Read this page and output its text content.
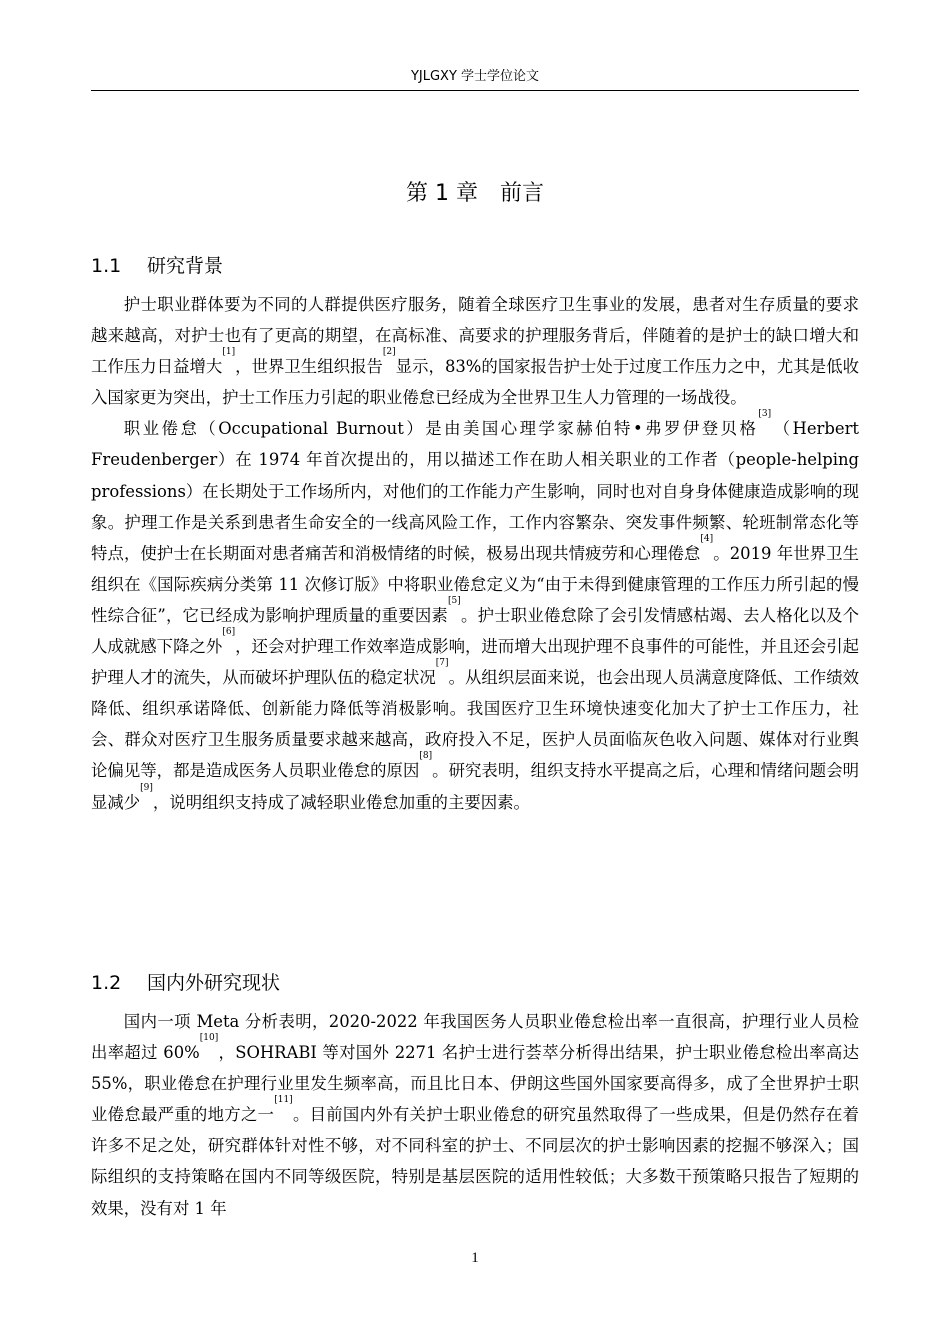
YJLGXY 学士学位论文
第 1 章　前言
1.1 研究背景

护士职业群体要为不同的人群提供医疗服务，随着全球医疗卫生事业的发展，患者对生存质量的要求越来越高，对护士也有了更高的期望，在高标准、高要求的护理服务背后，伴随着的是护士的缺口增大和工作压力日益增大[1]，世界卫生组织报告[2]显示，83%的国家报告护士处于过度工作压力之中，尤其是低收入国家更为突出，护士工作压力引起的职业倦怠已经成为全世界卫生人力管理的一场战役。

职业倦怠（Occupational Burnout）是由美国心理学家赫伯特•弗罗伊登贝格[3]（Herbert Freudenberger）在 1974 年首次提出的，用以描述工作在助人相关职业的工作者（people-helping professions）在长期处于工作场所内，对他们的工作能力产生影响，同时也对自身身体健康造成影响的现象。护理工作是关系到患者生命安全的一线高风险工作，工作内容繁杂、突发事件频繁、轮班制常态化等特点，使护士在长期面对患者痛苦和消极情绪的时候，极易出现共情疲劳和心理倦怠[4]。2019 年世界卫生组织在《国际疾病分类第 11 次修订版》中将职业倦怠定义为“由于未得到健康管理的工作压力所引起的慢性综合征”，它已经成为影响护理质量的重要因素[5]。护士职业倦怠除了会引发情感枯竭、去人格化以及个人成就感下降之外[6]，还会对护理工作效率造成影响，进而增大出现护理不良事件的可能性，并且还会引起护理人才的流失，从而破坏护理队伍的稳定状况[7]。从组织层面来说，也会出现人员满意度降低、工作绩效降低、组织承诺降低、创新能力降低等消极影响。我国医疗卫生环境快速变化加大了护士工作压力，社会、群众对医疗卫生服务质量要求越来越高，政府投入不足，医护人员面临灰色收入问题、媒体对行业舆论偏见等，都是造成医务人员职业倦怠的原因[8]。研究表明，组织支持水平提高之后，心理和情绪问题会明显减少[9]，说明组织支持成了减轻职业倦怠加重的主要因素。

1.2 国内外研究现状

国内一项 Meta 分析表明，2020-2022 年我国医务人员职业倦怠检出率一直很高，护理行业人员检出率超过 60%[10]，SOHRABI 等对国外 2271 名护士进行荟萃分析得出结果，护士职业倦怠检出率高达 55%，职业倦怠在护理行业里发生频率高，而且比日本、伊朗这些国外国家要高得多，成了全世界护士职业倦怠最严重的地方之一[11]。目前国内外有关护士职业倦怠的研究虽然取得了一些成果，但是仍然存在着许多不足之处，研究群体针对性不够，对不同科室的护士、不同层次的护士影响因素的挖掘不够深入；国际组织的支持策略在国内不同等级医院，特别是基层医院的适用性较低；大多数干预策略只报告了短期的效果，没有对 1 年

1
